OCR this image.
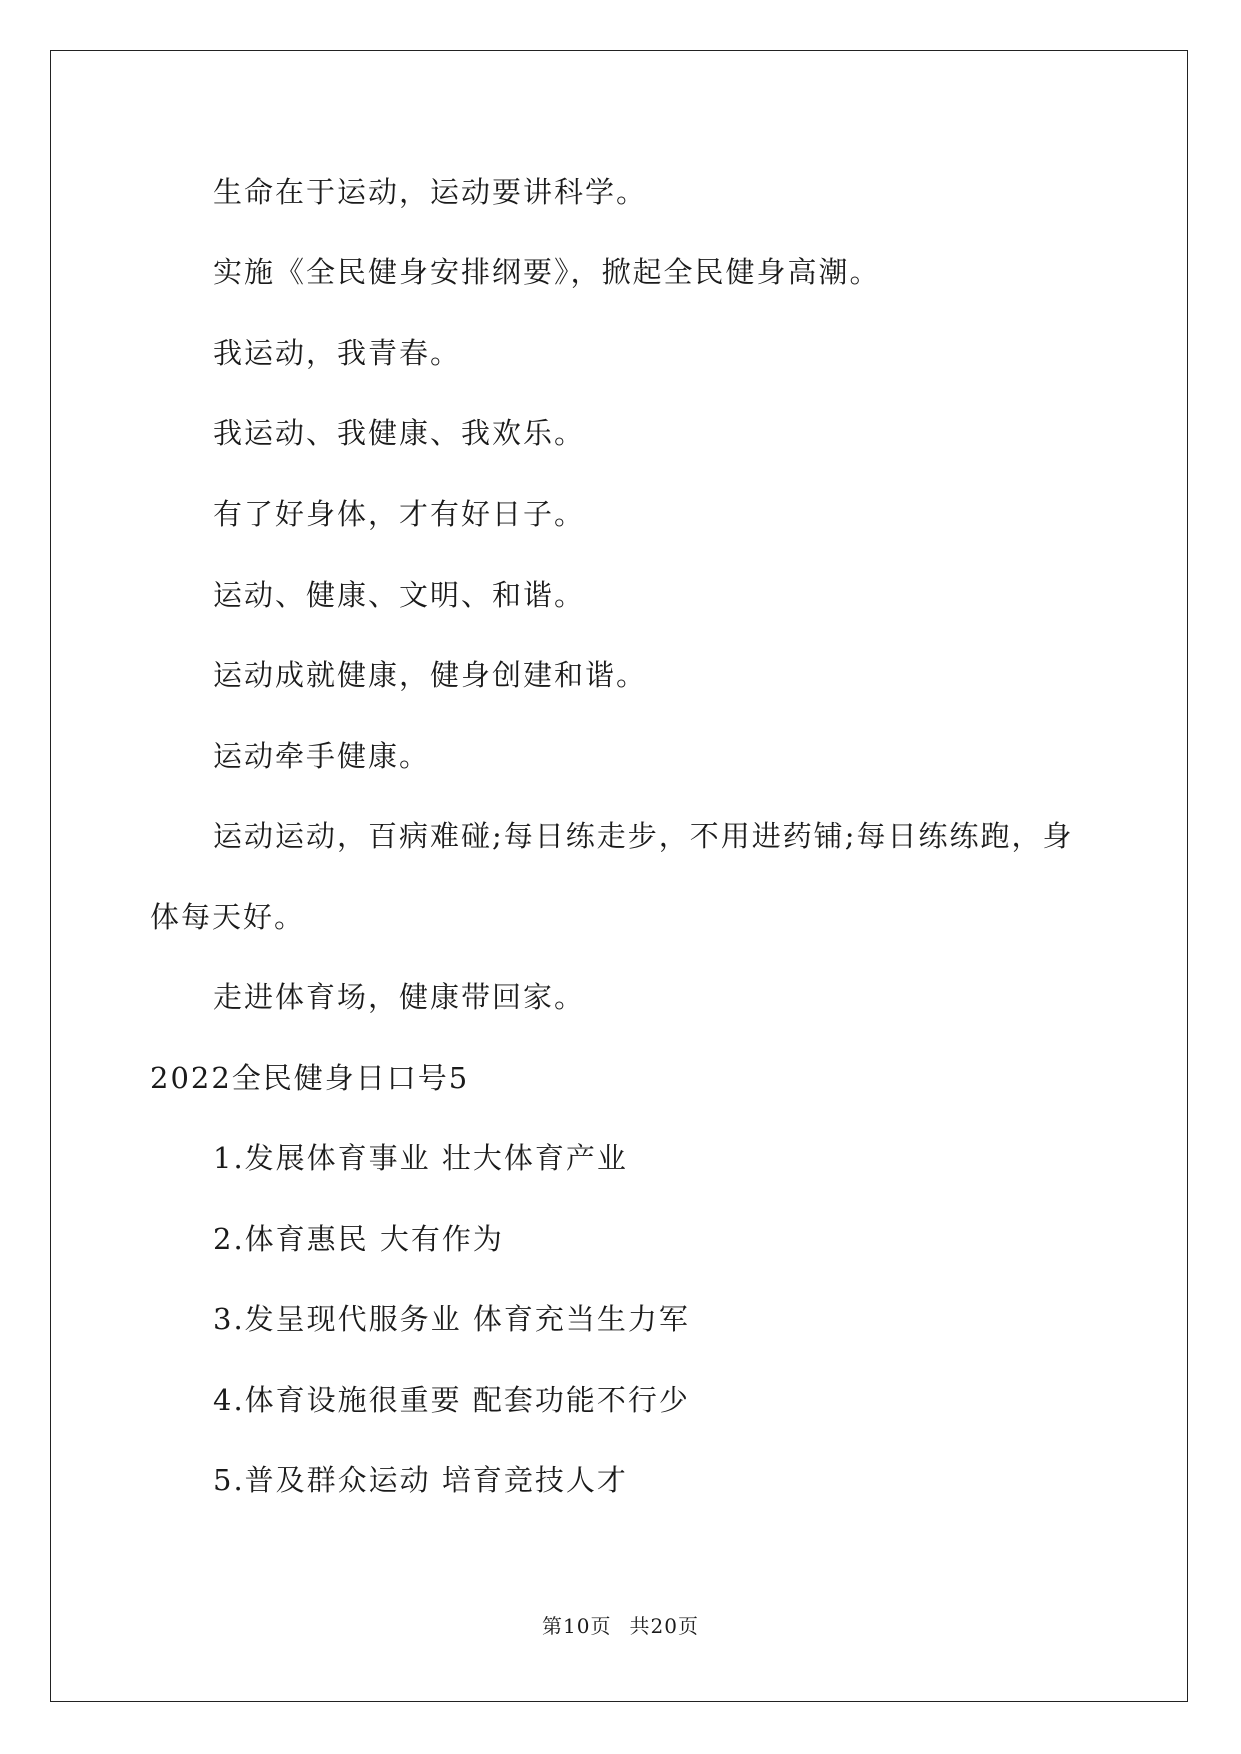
生命在于运动，运动要讲科学。
实施《全民健身安排纲要》，掀起全民健身高潮。
我运动，我青春。
我运动、我健康、我欢乐。
有了好身体，才有好日子。
运动、健康、文明、和谐。
运动成就健康，健身创建和谐。
运动牵手健康。
运动运动，百病难碰;每日练走步，不用进药铺;每日练练跑，身
体每天好。
走进体育场，健康带回家。
2022全民健身日口号5
1.发展体育事业 壮大体育产业
2.体育惠民 大有作为
3.发呈现代服务业 体育充当生力军
4.体育设施很重要 配套功能不行少
5.普及群众运动 培育竞技人才
第10页 共20页
